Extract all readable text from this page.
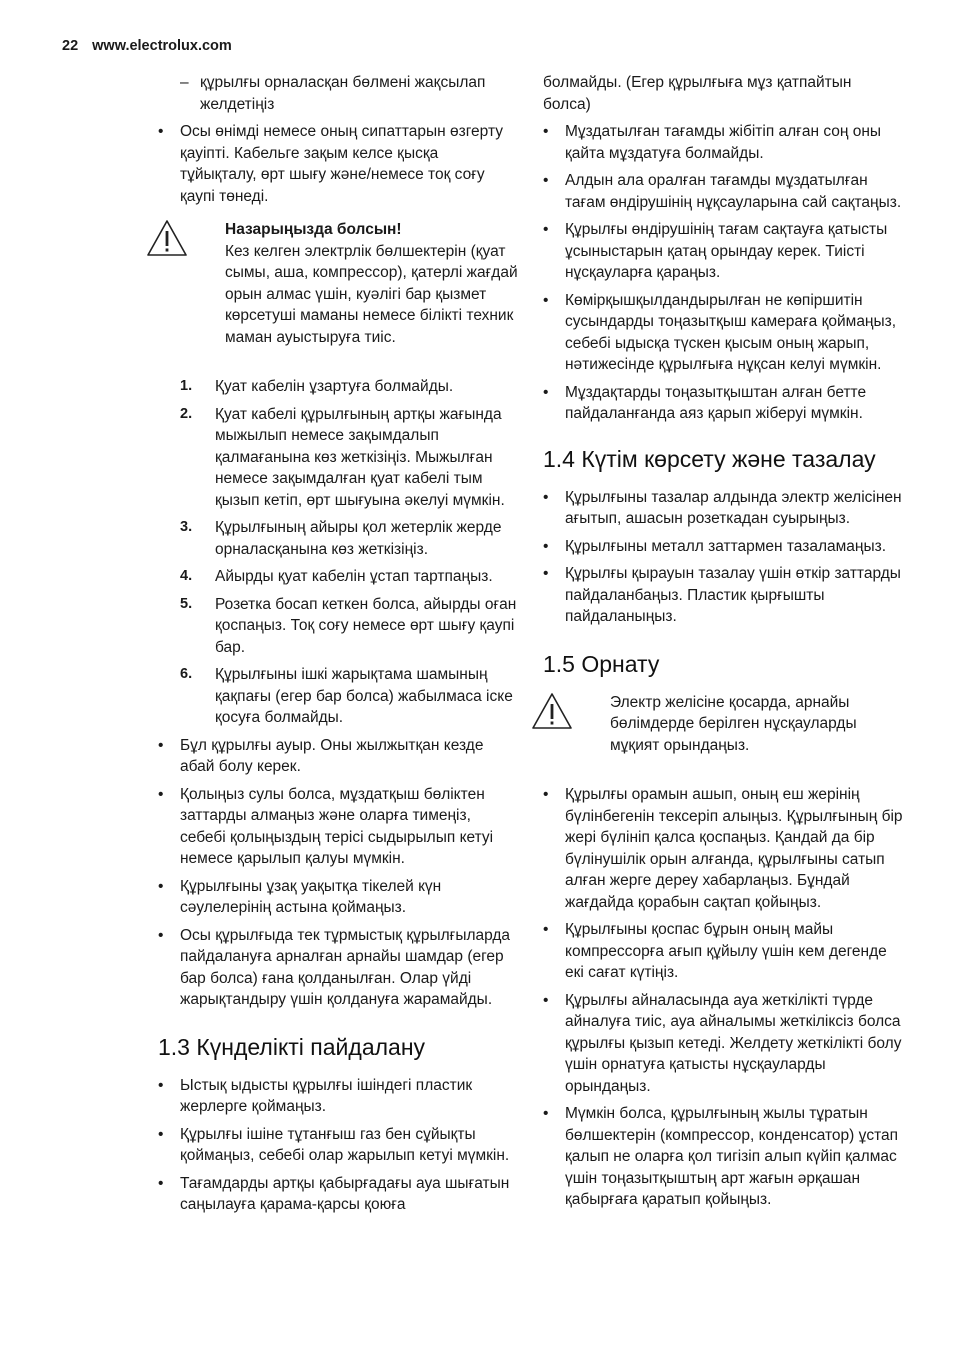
22 www.electrolux.com
– құрылғы орналасқан бөлмені жақсылап желдетіңіз
• Осы өнімді немесе оның сипаттарын өзгерту қауіпті. Кабельге зақым келсе қысқа тұйықталу, өрт шығу және/немесе тоқ соғу қаупі төнеді.
Назарыңызда болсын!
Кез келген электрлік бөлшектерін (қуат сымы, аша, компрессор), қатерлі жағдай орын алмас үшін, куәлігі бар қызмет көрсетуші маманы немесе білікті техник маман ауыстыруға тиіс.
1. Қуат кабелін ұзартуға болмайды.
2. Қуат кабелі құрылғының артқы жағында мыжылып немесе зақымдалып қалмағанына көз жеткізіңіз. Мыжылған немесе зақымдалған қуат кабелі тым қызып кетіп, өрт шығуына әкелуі мүмкін.
3. Құрылғының айыры қол жетерлік жерде орналасқанына көз жеткізіңіз.
4. Айырды қуат кабелін ұстап тартпаңыз.
5. Розетка босап кеткен болса, айырды оған қоспаңыз. Тоқ соғу немесе өрт шығу қаупі бар.
6. Құрылғыны ішкі жарықтама шамының қақпағы (егер бар болса) жабылмаса іске қосуға болмайды.
• Бұл құрылғы ауыр. Оны жылжытқан кезде абай болу керек.
• Қолыңыз сулы болса, мұздатқыш бөліктен заттарды алмаңыз және оларға тимеңіз, себебі қолыңыздың терісі сыдырылып кетуі немесе қарылып қалуы мүмкін.
• Құрылғыны ұзақ уақытқа тікелей күн сәулелерінің астына қоймаңыз.
• Осы құрылғыда тек тұрмыстық құрылғыларда пайдалануға арналған арнайы шамдар (егер бар болса) ғана қолданылған. Олар үйді жарықтандыру үшін қолдануға жарамайды.
1.3 Күнделікті пайдалану
• Ыстық ыдысты құрылғы ішіндегі пластик жерлерге қоймаңыз.
• Құрылғы ішіне тұтанғыш газ бен сұйықты қоймаңыз, себебі олар жарылып кетуі мүмкін.
• Тағамдарды артқы қабырғадағы ауа шығатын саңылауға қарама-қарсы қоюға
болмайды. (Егер құрылғыға мұз қатпайтын болса)
• Мұздатылған тағамды жібітіп алған соң оны қайта мұздатуға болмайды.
• Алдын ала оралған тағамды мұздатылған тағам өндірушінің нұқсауларына сай сақтаңыз.
• Құрылғы өндірушінің тағам сақтауға қатысты ұсыныстарын қатаң орындау керек. Тиісті нұсқауларға қараңыз.
• Көмірқышқылдандырылған не көпіршитін сусындарды тоңазытқыш камераға қоймаңыз, себебі ыдысқа түскен қысым оның жарып, нәтижесінде құрылғыға нұқсан келуі мүмкін.
• Мұздақтарды тоңазытқыштан алған бетте пайдаланғанда аяз қарып жіберуі мүмкін.
1.4 Күтім көрсету және тазалау
• Құрылғыны тазалар алдында электр желісінен ағытып, ашасын розеткадан суырыңыз.
• Құрылғыны металл заттармен тазаламаңыз.
• Құрылғы қырауын тазалау үшін өткір заттарды пайдаланбаңыз. Пластик қырғышты пайдаланыңыз.
1.5 Орнату
Электр желісіне қосарда, арнайы бөлімдерде берілген нұсқауларды мұқият орындаңыз.
• Құрылғы орамын ашып, оның еш жерінің бүлінбегенін тексеріп алыңыз. Құрылғының бір жері бүлініп қалса қоспаңыз. Қандай да бір бүлінушілік орын алғанда, құрылғыны сатып алған жерге дереу хабарлаңыз. Бұндай жағдайда қорабын сақтап қойыңыз.
• Құрылғыны қоспас бұрын оның майы компрессорға ағып құйылу үшін кем дегенде екі сағат күтіңіз.
• Құрылғы айналасында ауа жеткілікті түрде айналуға тиіс, ауа айналымы жеткіліксіз болса құрылғы қызып кетеді. Желдету жеткілікті болу үшін орнатуға қатысты нұсқауларды орындаңыз.
• Мүмкін болса, құрылғының жылы тұратын бөлшектерін (компрессор, конденсатор) ұстап қалып не оларға қол тигізіп алып күйіп қалмас үшін тоңазытқыштың арт жағын әрқашан қабырғаға қаратып қойыңыз.
